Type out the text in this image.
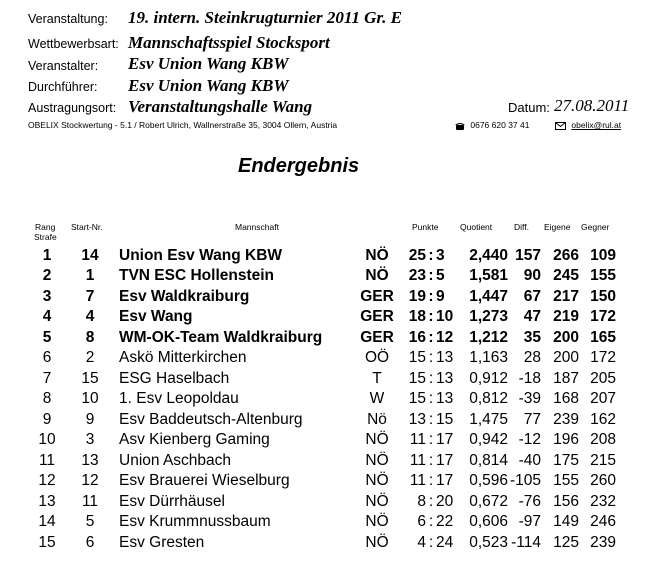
Veranstaltung: 19. intern. Steinkrugturnier 2011 Gr. E
Wettbewerbsart: Mannschaftsspiel Stocksport
Veranstalter: Esv Union Wang KBW
Durchführer: Esv Union Wang KBW
Austragungsort: Veranstaltungshalle Wang	Datum: 27.08.2011
OBELIX Stockwertung - 5.1 / Robert Ulrich, Wallnerstraße 35, 3004 Ollern, Austria	0676 620 37 41	obelix@rul.at
Endergebnis
Rang
Strafe
Start-Nr.	Mannschaft	Punkte	Quotient	Diff. Eigene Gegner
1	14	Union Esv Wang KBW	NÖ	25 : 3	2,440 157 266 109
2	1	TVN ESC Hollenstein	NÖ	23 : 5	1,581	90 245 155
3	7	Esv Waldkraiburg	GER 19 : 9	1,447	67 217 150
4	4	Esv Wang	GER 18 : 10	1,273	47 219 172
5	8	WM-OK-Team Waldkraiburg	GER 16 : 12	1,212	35 200 165
6	2	Askö Mitterkirchen	OÖ	15 : 13	1,163	28 200 172
7	15	ESG Haselbach	T	15 : 13	0,912 -18 187 205
8	10	1. Esv Leopoldau	W	15 : 13	0,812 -39 168 207
9	9	Esv Baddeutsch-Altenburg	Nö	13 : 15	1,475	77 239 162
10	3	Asv Kienberg Gaming	NÖ	11 : 17	0,942 -12 196 208
11	13	Union Aschbach	NÖ	11 : 17	0,814 -40 175 215
12	12	Esv Brauerei Wieselburg	NÖ	11 : 17	0,596 -105 155 260
13	11	Esv Dürrhäusel	NÖ	8 : 20	0,672 -76 156 232
14	5	Esv Krummnussbaum	NÖ	6 : 22	0,606 -97 149 246
15	6	Esv Gresten	NÖ	4 : 24	0,523 -114 125 239
